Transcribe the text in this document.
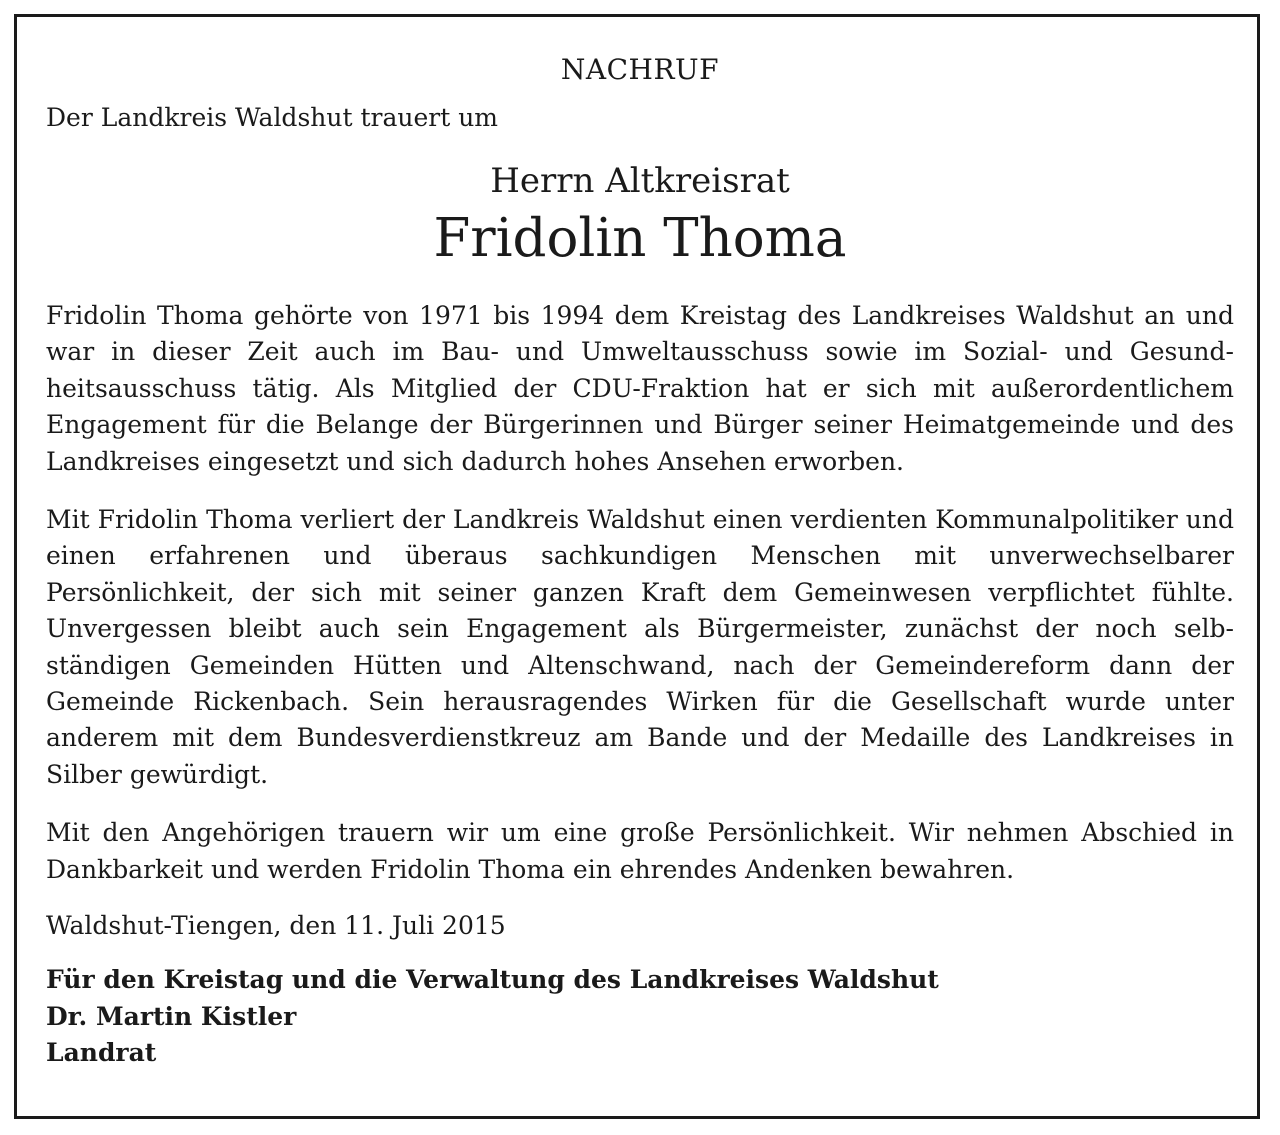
NACHRUF

Der Landkreis Waldshut trauert um

Herrn Altkreisrat

Fridolin Thoma

Fridolin Thoma gehörte von 1971 bis 1994 dem Kreistag des Landkreises Waldshut an und war in dieser Zeit auch im Bau- und Umweltausschuss sowie im Sozial- und Gesundheitsausschuss tätig. Als Mitglied der CDU-Fraktion hat er sich mit außerordentlichem Engagement für die Belange der Bürgerinnen und Bürger seiner Heimatgemeinde und des Landkreises eingesetzt und sich dadurch hohes Ansehen erworben.

Mit Fridolin Thoma verliert der Landkreis Waldshut einen verdienten Kommunalpolitiker und einen erfahrenen und überaus sachkundigen Menschen mit unverwechselbarer Persönlichkeit, der sich mit seiner ganzen Kraft dem Gemeinwesen verpflichtet fühlte. Unvergessen bleibt auch sein Engagement als Bürgermeister, zunächst der noch selbständigen Gemeinden Hütten und Altenschwand, nach der Gemeindereform dann der Gemeinde Rickenbach. Sein herausragendes Wirken für die Gesellschaft wurde unter anderem mit dem Bundesverdienstkreuz am Bande und der Medaille des Landkreises in Silber gewürdigt.

Mit den Angehörigen trauern wir um eine große Persönlichkeit. Wir nehmen Abschied in Dankbarkeit und werden Fridolin Thoma ein ehrendes Andenken bewahren.

Waldshut-Tiengen, den 11. Juli 2015

Für den Kreistag und die Verwaltung des Landkreises Waldshut
Dr. Martin Kistler
Landrat
